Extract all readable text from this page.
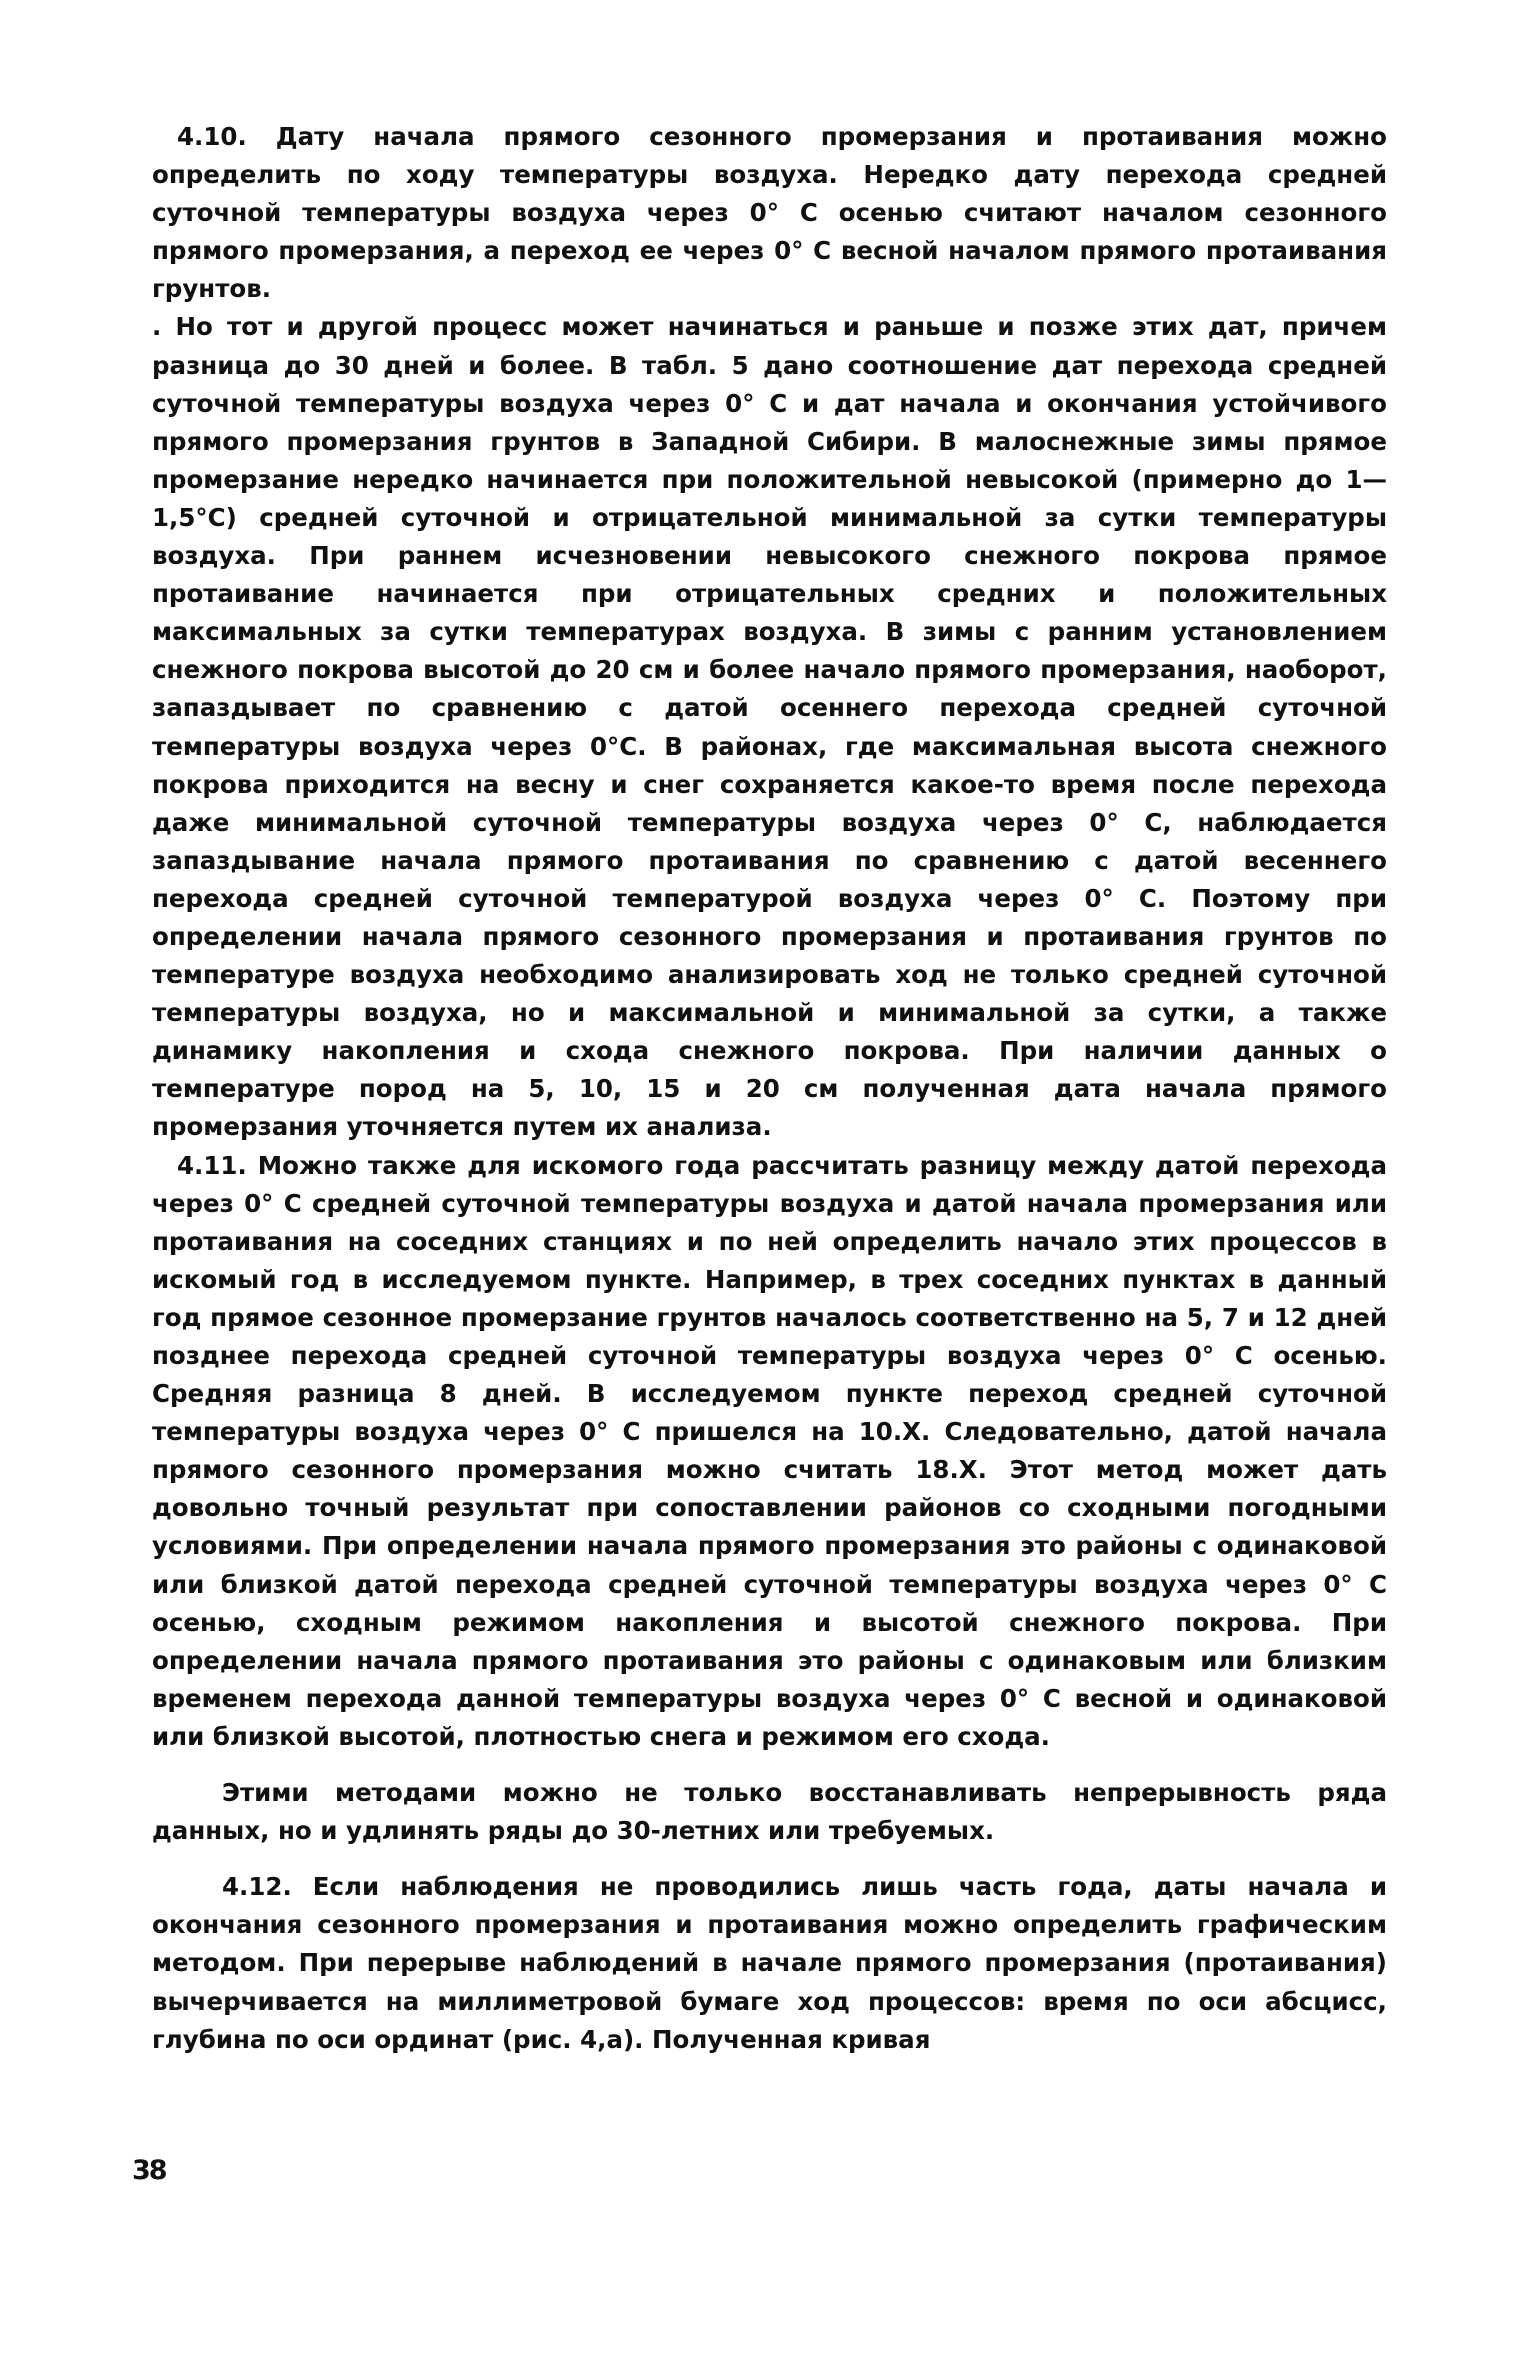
4.10. Дату начала прямого сезонного промерзания и протаивания можно определить по ходу температуры воздуха. Нередко дату перехода средней суточной температуры воздуха через 0° С осенью считают началом сезонного прямого промерзания, а переход ее через 0° С весной началом прямого протаивания грунтов.

. Но тот и другой процесс может начинаться и раньше и позже этих дат, причем разница до 30 дней и более. В табл. 5 дано соотношение дат перехода средней суточной температуры воздуха через 0° С и дат начала и окончания устойчивого прямого промерзания грунтов в Западной Сибири. В малоснежные зимы прямое промерзание нередко начинается при положительной невысокой (примерно до 1—1,5°С) средней суточной и отрицательной минимальной за сутки температуры воздуха. При раннем исчезновении невысокого снежного покрова прямое протаивание начинается при отрицательных средних и положительных максимальных за сутки температурах воздуха. В зимы с ранним установлением снежного покрова высотой до 20 см и более начало прямого промерзания, наоборот, запаздывает по сравнению с датой осеннего перехода средней суточной температуры воздуха через 0°С. В районах, где максимальная высота снежного покрова приходится на весну и снег сохраняется какое-то время после перехода даже минимальной суточной температуры воздуха через 0° С, наблюдается запаздывание начала прямого протаивания по сравнению с датой весеннего перехода средней суточной температурой воздуха через 0° С. Поэтому при определении начала прямого сезонного промерзания и протаивания грунтов по температуре воздуха необходимо анализировать ход не только средней суточной температуры воздуха, но и максимальной и минимальной за сутки, а также динамику накопления и схода снежного покрова. При наличии данных о температуре пород на 5, 10, 15 и 20 см полученная дата начала прямого промерзания уточняется путем их анализа.

4.11. Можно также для искомого года рассчитать разницу между датой перехода через 0° С средней суточной температуры воздуха и датой начала промерзания или протаивания на соседних станциях и по ней определить начало этих процессов в искомый год в исследуемом пункте. Например, в трех соседних пунктах в данный год прямое сезонное промерзание грунтов началось соответственно на 5, 7 и 12 дней позднее перехода средней суточной температуры воздуха через 0° С осенью. Средняя разница 8 дней. В исследуемом пункте переход средней суточной температуры воздуха через 0° С пришелся на 10.X. Следовательно, датой начала прямого сезонного промерзания можно считать 18.X. Этот метод может дать довольно точный результат при сопоставлении районов со сходными погодными условиями. При определении начала прямого промерзания это районы с одинаковой или близкой датой перехода средней суточной температуры воздуха через 0° С осенью, сходным режимом накопления и высотой снежного покрова. При определении начала прямого протаивания это районы с одинаковым или близким временем перехода данной температуры воздуха через 0° С весной и одинаковой или близкой высотой, плотностью снега и режимом его схода.

Этими методами можно не только восстанавливать непрерывность ряда данных, но и удлинять ряды до 30-летних или требуемых.

4.12. Если наблюдения не проводились лишь часть года, даты начала и окончания сезонного промерзания и протаивания можно определить графическим методом. При перерыве наблюдений в начале прямого промерзания (протаивания) вычерчивается на миллиметровой бумаге ход процессов: время по оси абсцисс, глубина по оси ординат (рис. 4,а). Полученная кривая

38
